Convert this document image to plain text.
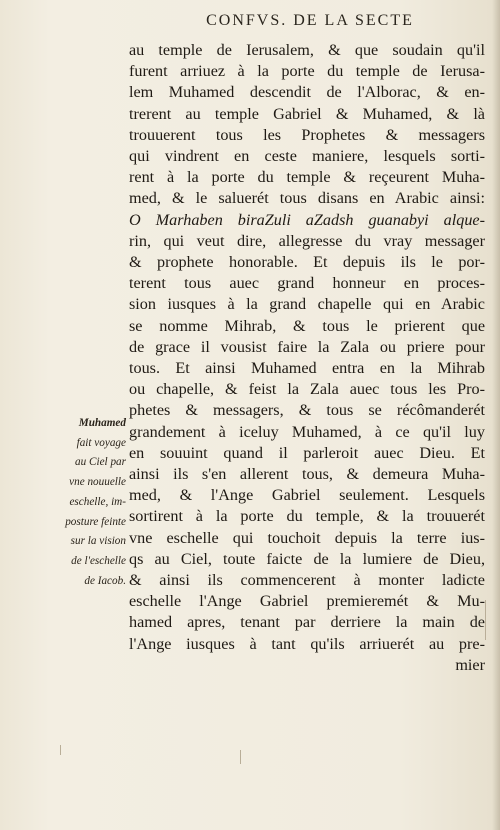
CONFVS. DE LA SECTE
au temple de Ierusalem, & que soudain qu'il
furent arriuez à la porte du temple de Ierusa-
lem Muhamed descendit de l'Alborac, & en-
trerent au temple Gabriel & Muhamed, & là
trouuerent tous les Prophetes & messagers
qui vindrent en ceste maniere, lesquels sorti-
rent à la porte du temple & reçeurent Muha-
med, & le saluerét tous disans en Arabic ainsi:
O Marhaben biraZuli aZadsh guanabyi alque-
rin, qui veut dire, allegresse du vray messager
& prophete honorable. Et depuis ils le por-
terent tous auec grand honneur en proces-
sion iusques à la grand chapelle qui en Arabic
se nomme Mihrab, & tous le prierent que
de grace il vousist faire la Zala ou priere pour
tous. Et ainsi Muhamed entra en la Mihrab
ou chapelle, & feist la Zala auec tous les Pro-
phetes & messagers, & tous se récômanderét
grandement à iceluy Muhamed, à ce qu'il luy
en souuint quand il parleroit auec Dieu. Et
ainsi ils s'en allerent tous, & demeura Muha-
med, & l'Ange Gabriel seulement. Lesquels
sortirent à la porte du temple, & la trouuerét
vne eschelle qui touchoit depuis la terre ius-
qs au Ciel, toute faicte de la lumiere de Dieu,
& ainsi ils commencerent à monter ladicte
eschelle l'Ange Gabriel premieremét & Mu-
hamed apres, tenant par derriere la main de
l'Ange iusques à tant qu'ils arriuerét au pre-
mier
Muhamed
fait voyage
au Ciel par
vne nouuelle
eschelle, im-
posture feinte
sur la vision
de l'eschelle
de Iacob.
